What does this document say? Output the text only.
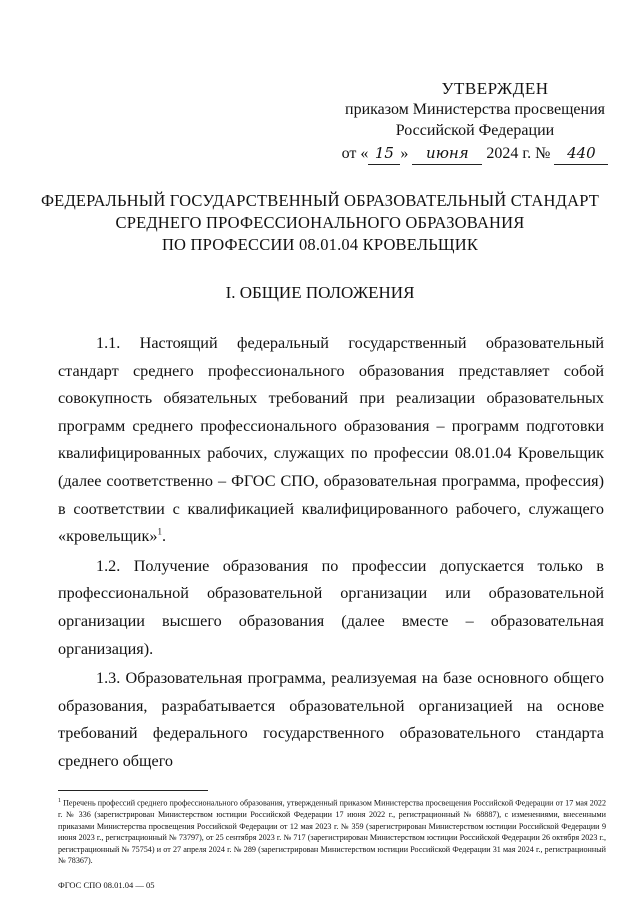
УТВЕРЖДЕН
приказом Министерства просвещения
Российской Федерации
от « 15 » июня 2024 г. № 440
ФЕДЕРАЛЬНЫЙ ГОСУДАРСТВЕННЫЙ ОБРАЗОВАТЕЛЬНЫЙ СТАНДАРТ
СРЕДНЕГО ПРОФЕССИОНАЛЬНОГО ОБРАЗОВАНИЯ
ПО ПРОФЕССИИ 08.01.04 КРОВЕЛЬЩИК
I. ОБЩИЕ ПОЛОЖЕНИЯ

1.1. Настоящий федеральный государственный образовательный стандарт среднего профессионального образования представляет собой совокупность обязательных требований при реализации образовательных программ среднего профессионального образования – программ подготовки квалифицированных рабочих, служащих по профессии 08.01.04 Кровельщик (далее соответственно – ФГОС СПО, образовательная программа, профессия) в соответствии с квалификацией квалифицированного рабочего, служащего «кровельщик»$^1$.

1.2. Получение образования по профессии допускается только в профессиональной образовательной организации или образовательной организации высшего образования (далее вместе – образовательная организация).

1.3. Образовательная программа, реализуемая на базе основного общего образования, разрабатывается образовательной организацией на основе требований федерального государственного образовательного стандарта среднего общего

$^1$ Перечень профессий среднего профессионального образования, утвержденный приказом Министерства просвещения Российской Федерации от 17 мая 2022 г. № 336 (зарегистрирован Министерством юстиции Российской Федерации 17 июня 2022 г., регистрационный № 68887), с изменениями, внесенными приказами Министерства просвещения Российской Федерации от 12 мая 2023 г. № 359 (зарегистрирован Министерством юстиции Российской Федерации 9 июня 2023 г., регистрационный № 73797), от 25 сентября 2023 г. № 717 (зарегистрирован Министерством юстиции Российской Федерации 26 октября 2023 г., регистрационный № 75754) и от 27 апреля 2024 г. № 289 (зарегистрирован Министерством юстиции Российской Федерации 31 мая 2024 г., регистрационный № 78367).
ФГОС СПО 08.01.04 — 05
